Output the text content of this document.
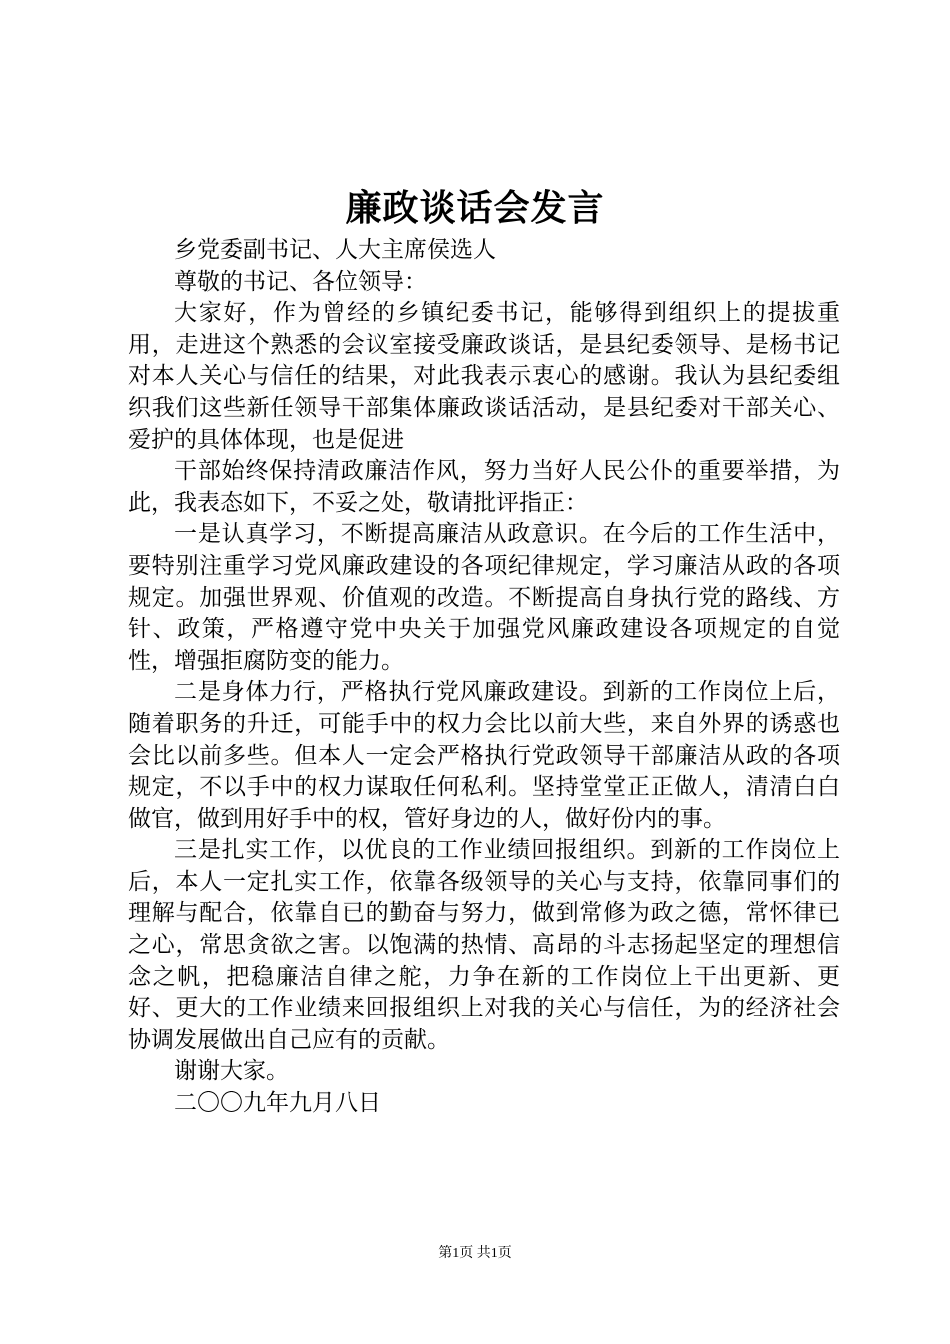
廉政谈话会发言

乡党委副书记、人大主席侯选人

尊敬的书记、各位领导：

大家好，作为曾经的乡镇纪委书记，能够得到组织上的提拔重用，走进这个熟悉的会议室接受廉政谈话，是县纪委领导、是杨书记对本人关心与信任的结果，对此我表示衷心的感谢。我认为县纪委组织我们这些新任领导干部集体廉政谈话活动，是县纪委对干部关心、爱护的具体体现，也是促进

干部始终保持清政廉洁作风，努力当好人民公仆的重要举措，为此，我表态如下，不妥之处，敬请批评指正：

一是认真学习，不断提高廉洁从政意识。在今后的工作生活中，要特别注重学习党风廉政建设的各项纪律规定，学习廉洁从政的各项规定。加强世界观、价值观的改造。不断提高自身执行党的路线、方针、政策，严格遵守党中央关于加强党风廉政建设各项规定的自觉性，增强拒腐防变的能力。

二是身体力行，严格执行党风廉政建设。到新的工作岗位上后，随着职务的升迁，可能手中的权力会比以前大些，来自外界的诱惑也会比以前多些。但本人一定会严格执行党政领导干部廉洁从政的各项规定，不以手中的权力谋取任何私利。坚持堂堂正正做人，清清白白做官，做到用好手中的权，管好身边的人，做好份内的事。

三是扎实工作，以优良的工作业绩回报组织。到新的工作岗位上后，本人一定扎实工作，依靠各级领导的关心与支持，依靠同事们的理解与配合，依靠自已的勤奋与努力，做到常修为政之德，常怀律已之心，常思贪欲之害。以饱满的热情、高昂的斗志扬起坚定的理想信念之帆，把稳廉洁自律之舵，力争在新的工作岗位上干出更新、更好、更大的工作业绩来回报组织上对我的关心与信任，为的经济社会协调发展做出自己应有的贡献。

谢谢大家。

二〇〇九年九月八日

第1页 共1页
